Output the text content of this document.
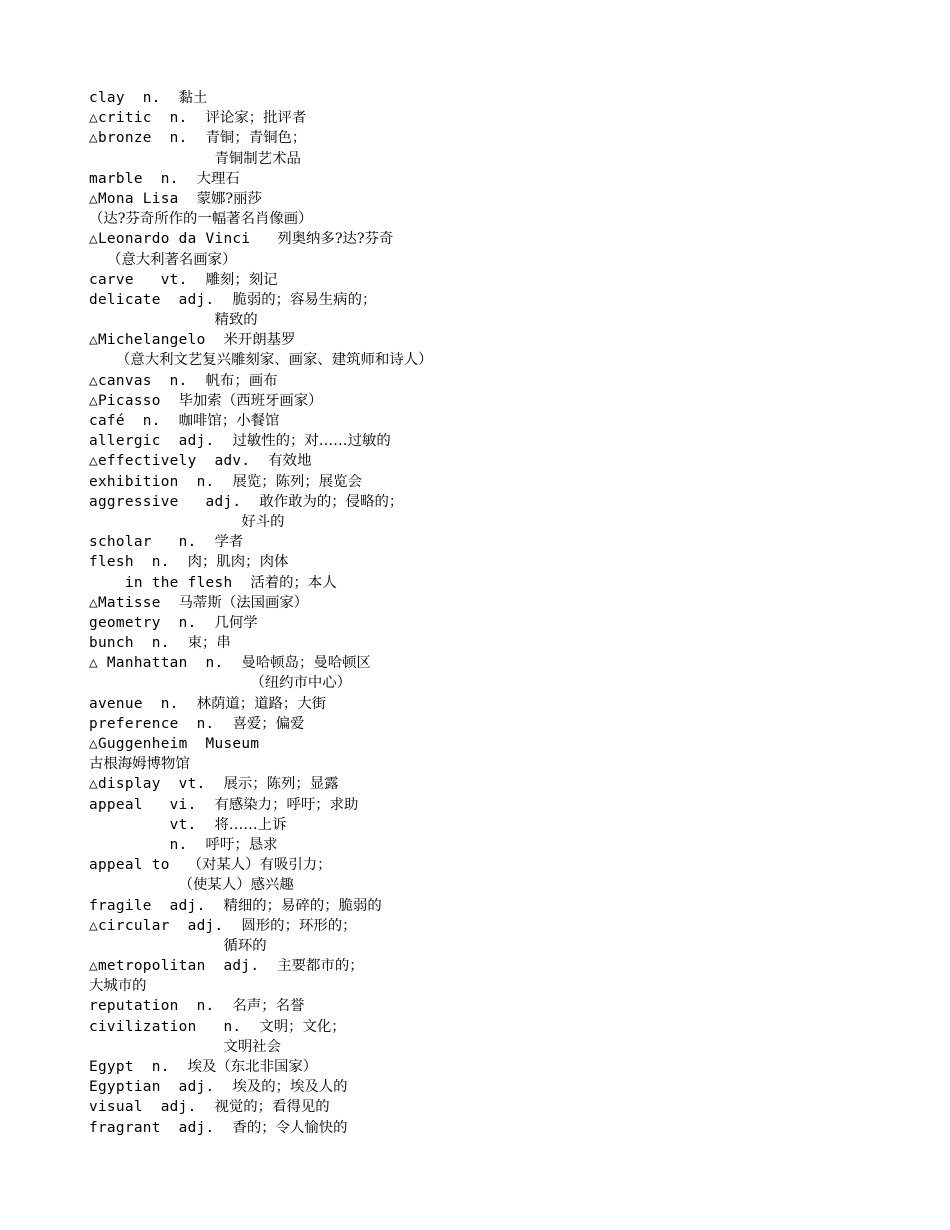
clay  n.  黏土
△critic  n.  评论家；批评者
△bronze  n.  青铜；青铜色；
青铜制艺术品
marble  n.  大理石
△Mona Lisa  蒙娜?丽莎
（达?芬奇所作的一幅著名肖像画）
△Leonardo da Vinci   列奥纳多?达?芬奇
（意大利著名画家）
carve   vt.  雕刻；刻记
delicate  adj.  脆弱的；容易生病的；
精致的
△Michelangelo  米开朗基罗
（意大利文艺复兴雕刻家、画家、建筑师和诗人）
△canvas  n.  帆布；画布
△Picasso  毕加索（西班牙画家）
café  n.  咖啡馆；小餐馆
allergic  adj.  过敏性的；对……过敏的
△effectively  adv.  有效地
exhibition  n.  展览；陈列；展览会
aggressive   adj.  敢作敢为的；侵略的；
好斗的
scholar   n.  学者
flesh  n.  肉；肌肉；肉体
in the flesh  活着的；本人
△Matisse  马蒂斯（法国画家）
geometry  n.  几何学
bunch  n.  束；串
△ Manhattan  n.  曼哈顿岛；曼哈顿区
（纽约市中心）
avenue  n.  林荫道；道路；大街
preference  n.  喜爱；偏爱
△Guggenheim  Museum
古根海姆博物馆
△display  vt.  展示；陈列；显露
appeal   vi.  有感染力；呼吁；求助
vt.  将……上诉
n.  呼吁；恳求
appeal to  （对某人）有吸引力；
（使某人）感兴趣
fragile  adj.  精细的；易碎的；脆弱的
△circular  adj.  圆形的；环形的；
循环的
△metropolitan  adj.  主要都市的；
大城市的
reputation  n.  名声；名誉
civilization   n.  文明；文化；
文明社会
Egypt  n.  埃及（东北非国家）
Egyptian  adj.  埃及的；埃及人的
visual  adj.  视觉的；看得见的
fragrant  adj.  香的；令人愉快的
